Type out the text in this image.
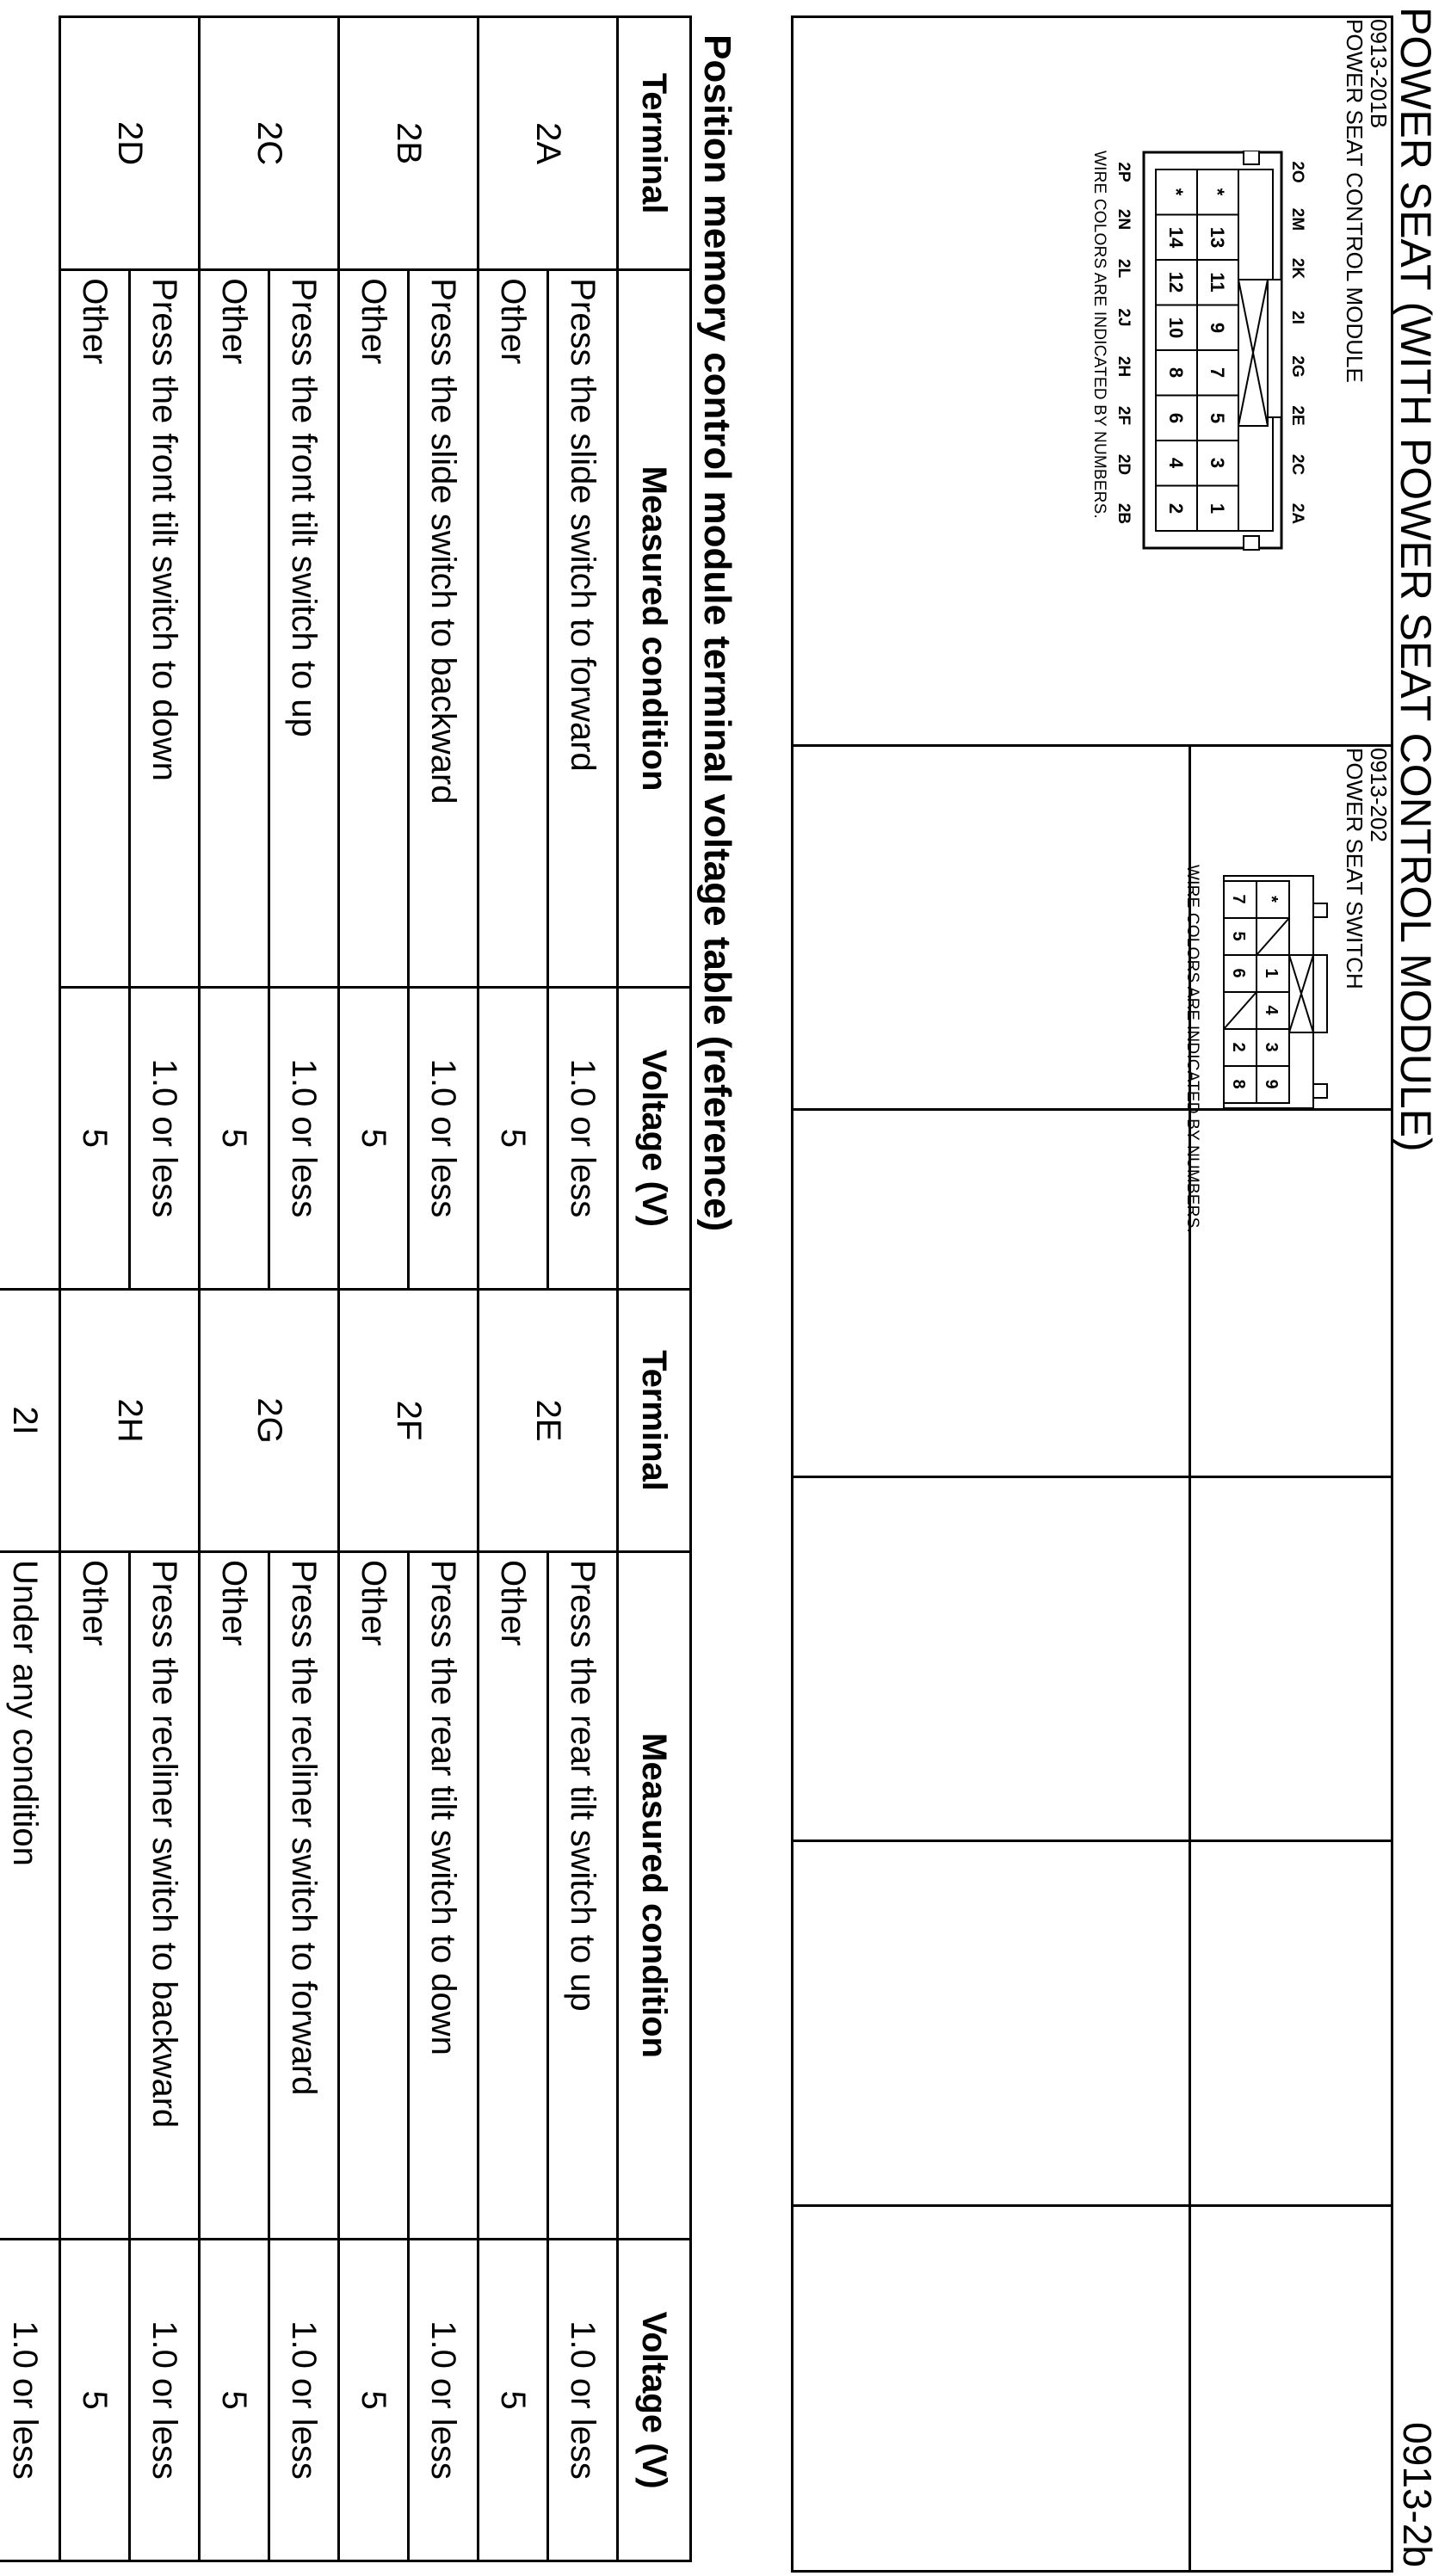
POWER SEAT (WITH POWER SEAT CONTROL MODULE)
0913-2b
0913-201B
POWER SEAT CONTROL MODULE
2O
2M
2K
2I
2G
2E
2C
2A
*
13
11
9
7
5
3
1
*
14
12
10
8
6
4
2
2P
2N
2L
2J
2H
2F
2D
2B
WIRE COLORS ARE INDICATED BY NUMBERS.
0913-202
POWER SEAT SWITCH
*
1
4
3
9
7
5
6
2
8
WIRE COLORS ARE INDICATED BY NUMBERS.
Position memory control module terminal voltage table (reference)
Terminal	Measured condition	Voltage (V)
2A	Press the slide switch to forward	1.0 or less
	Other	5
2B	Press the slide switch to backward	1.0 or less
	Other	5
2C	Press the front tilt switch to up	1.0 or less
	Other	5
2D	Press the front tilt switch to down	1.0 or less
	Other	5
Terminal	Measured condition	Voltage (V)
2E	Press the rear tilt switch to up	1.0 or less
	Other	5
2F	Press the rear tilt switch to down	1.0 or less
	Other	5
2G	Press the recliner switch to forward	1.0 or less
	Other	5
2H	Press the recliner switch to backward	1.0 or less
	Other	5
2I	Under any condition	1.0 or less
